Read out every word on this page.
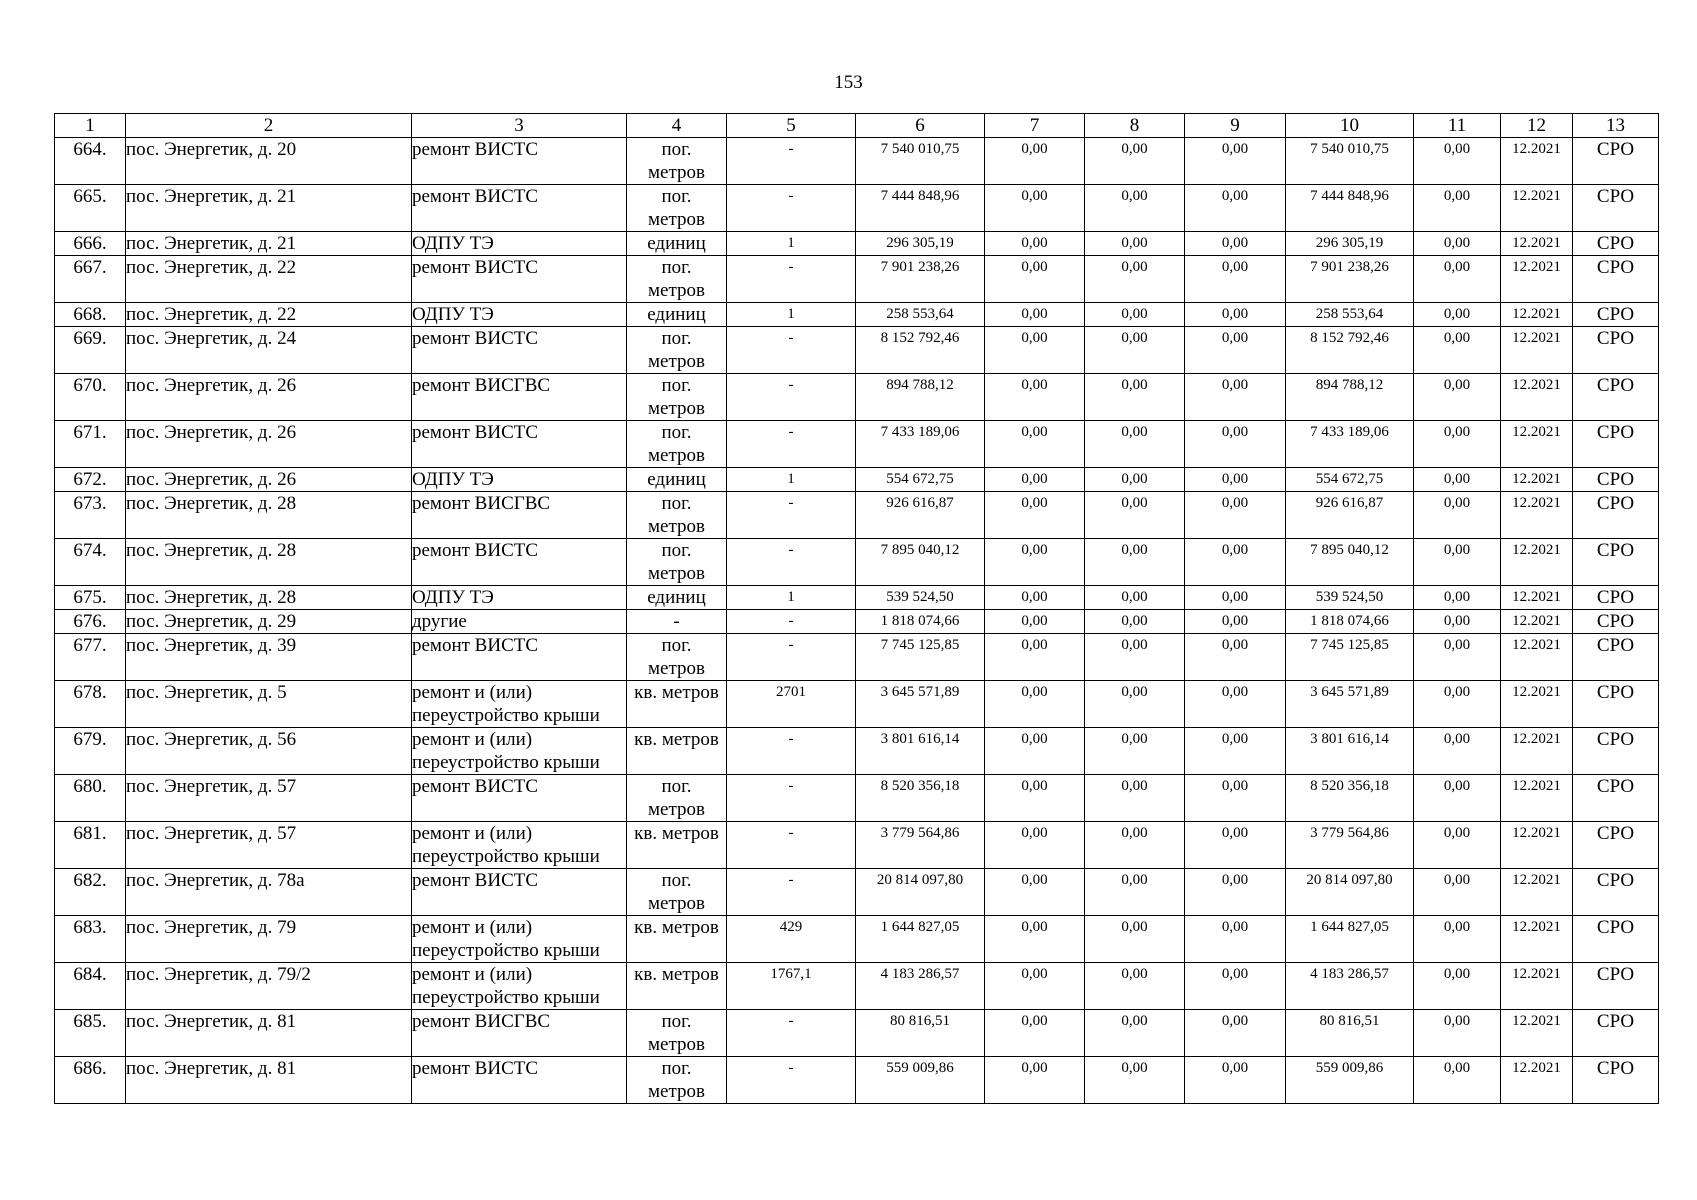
153
1	2	3	4	5	6	7	8	9	10	11	12	13
664.	пос. Энергетик, д. 20	ремонт ВИСТС	пог.
метров	-	7 540 010,75	0,00	0,00	0,00	7 540 010,75	0,00	12.2021	СРО
665.	пос. Энергетик, д. 21	ремонт ВИСТС	пог.
метров	-	7 444 848,96	0,00	0,00	0,00	7 444 848,96	0,00	12.2021	СРО
666.	пос. Энергетик, д. 21	ОДПУ ТЭ	единиц	1	296 305,19	0,00	0,00	0,00	296 305,19	0,00	12.2021	СРО
667.	пос. Энергетик, д. 22	ремонт ВИСТС	пог.
метров	-	7 901 238,26	0,00	0,00	0,00	7 901 238,26	0,00	12.2021	СРО
668.	пос. Энергетик, д. 22	ОДПУ ТЭ	единиц	1	258 553,64	0,00	0,00	0,00	258 553,64	0,00	12.2021	СРО
669.	пос. Энергетик, д. 24	ремонт ВИСТС	пог.
метров	-	8 152 792,46	0,00	0,00	0,00	8 152 792,46	0,00	12.2021	СРО
670.	пос. Энергетик, д. 26	ремонт ВИСГВС	пог.
метров	-	894 788,12	0,00	0,00	0,00	894 788,12	0,00	12.2021	СРО
671.	пос. Энергетик, д. 26	ремонт ВИСТС	пог.
метров	-	7 433 189,06	0,00	0,00	0,00	7 433 189,06	0,00	12.2021	СРО
672.	пос. Энергетик, д. 26	ОДПУ ТЭ	единиц	1	554 672,75	0,00	0,00	0,00	554 672,75	0,00	12.2021	СРО
673.	пос. Энергетик, д. 28	ремонт ВИСГВС	пог.
метров	-	926 616,87	0,00	0,00	0,00	926 616,87	0,00	12.2021	СРО
674.	пос. Энергетик, д. 28	ремонт ВИСТС	пог.
метров	-	7 895 040,12	0,00	0,00	0,00	7 895 040,12	0,00	12.2021	СРО
675.	пос. Энергетик, д. 28	ОДПУ ТЭ	единиц	1	539 524,50	0,00	0,00	0,00	539 524,50	0,00	12.2021	СРО
676.	пос. Энергетик, д. 29	другие	-	-	1 818 074,66	0,00	0,00	0,00	1 818 074,66	0,00	12.2021	СРО
677.	пос. Энергетик, д. 39	ремонт ВИСТС	пог.
метров	-	7 745 125,85	0,00	0,00	0,00	7 745 125,85	0,00	12.2021	СРО
678.	пос. Энергетик, д. 5	ремонт и (или)
переустройство крыши	кв. метров	2701	3 645 571,89	0,00	0,00	0,00	3 645 571,89	0,00	12.2021	СРО
679.	пос. Энергетик, д. 56	ремонт и (или)
переустройство крыши	кв. метров	-	3 801 616,14	0,00	0,00	0,00	3 801 616,14	0,00	12.2021	СРО
680.	пос. Энергетик, д. 57	ремонт ВИСТС	пог.
метров	-	8 520 356,18	0,00	0,00	0,00	8 520 356,18	0,00	12.2021	СРО
681.	пос. Энергетик, д. 57	ремонт и (или)
переустройство крыши	кв. метров	-	3 779 564,86	0,00	0,00	0,00	3 779 564,86	0,00	12.2021	СРО
682.	пос. Энергетик, д. 78а	ремонт ВИСТС	пог.
метров	-	20 814 097,80	0,00	0,00	0,00	20 814 097,80	0,00	12.2021	СРО
683.	пос. Энергетик, д. 79	ремонт и (или)
переустройство крыши	кв. метров	429	1 644 827,05	0,00	0,00	0,00	1 644 827,05	0,00	12.2021	СРО
684.	пос. Энергетик, д. 79/2	ремонт и (или)
переустройство крыши	кв. метров	1767,1	4 183 286,57	0,00	0,00	0,00	4 183 286,57	0,00	12.2021	СРО
685.	пос. Энергетик, д. 81	ремонт ВИСГВС	пог.
метров	-	80 816,51	0,00	0,00	0,00	80 816,51	0,00	12.2021	СРО
686.	пос. Энергетик, д. 81	ремонт ВИСТС	пог.
метров	-	559 009,86	0,00	0,00	0,00	559 009,86	0,00	12.2021	СРО
